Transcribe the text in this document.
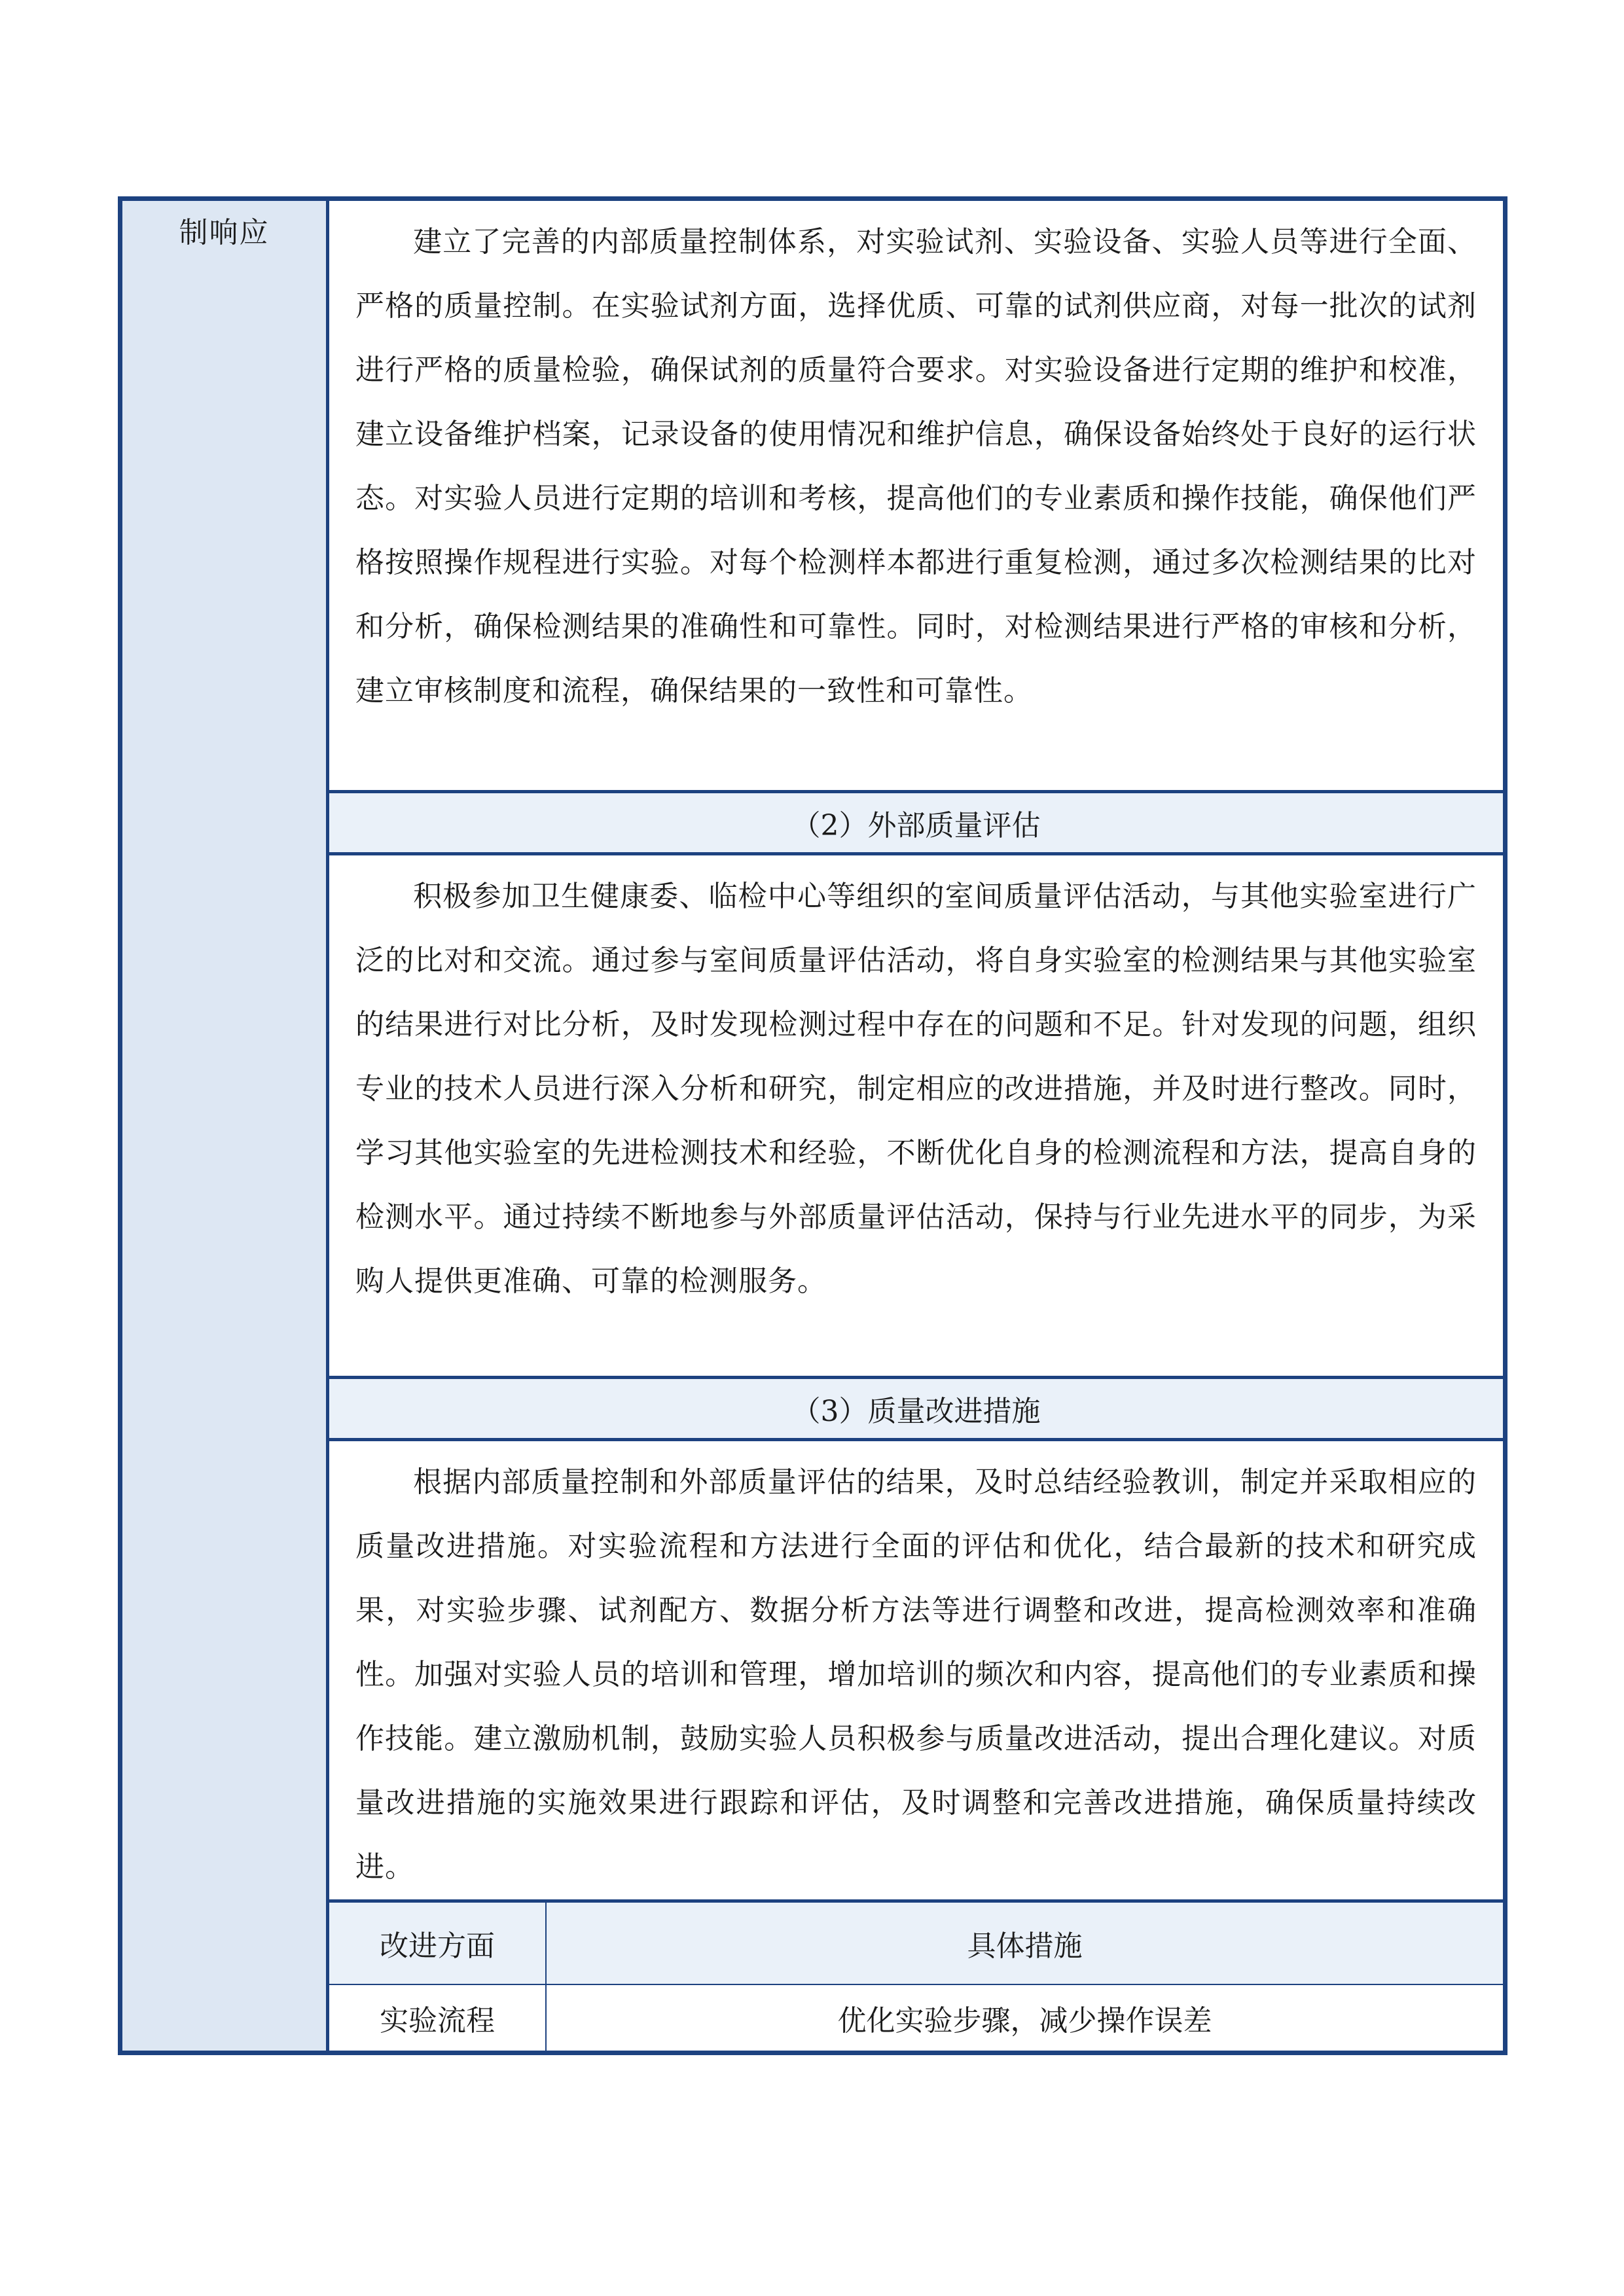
制响应	建立了完善的内部质量控制体系，对实验试剂、实验设备、实验人员等进行全面、严格的质量控制。在实验试剂方面，选择优质、可靠的试剂供应商，对每一批次的试剂进行严格的质量检验，确保试剂的质量符合要求。对实验设备进行定期的维护和校准，建立设备维护档案，记录设备的使用情况和维护信息，确保设备始终处于良好的运行状态。对实验人员进行定期的培训和考核，提高他们的专业素质和操作技能，确保他们严格按照操作规程进行实验。对每个检测样本都进行重复检测，通过多次检测结果的比对和分析，确保检测结果的准确性和可靠性。同时，对检测结果进行严格的审核和分析，建立审核制度和流程，确保结果的一致性和可靠性。
（2）外部质量评估
积极参加卫生健康委、临检中心等组织的室间质量评估活动，与其他实验室进行广泛的比对和交流。通过参与室间质量评估活动，将自身实验室的检测结果与其他实验室的结果进行对比分析，及时发现检测过程中存在的问题和不足。针对发现的问题，组织专业的技术人员进行深入分析和研究，制定相应的改进措施，并及时进行整改。同时，学习其他实验室的先进检测技术和经验，不断优化自身的检测流程和方法，提高自身的检测水平。通过持续不断地参与外部质量评估活动，保持与行业先进水平的同步，为采购人提供更准确、可靠的检测服务。
（3）质量改进措施
根据内部质量控制和外部质量评估的结果，及时总结经验教训，制定并采取相应的质量改进措施。对实验流程和方法进行全面的评估和优化，结合最新的技术和研究成果，对实验步骤、试剂配方、数据分析方法等进行调整和改进，提高检测效率和准确性。加强对实验人员的培训和管理，增加培训的频次和内容，提高他们的专业素质和操作技能。建立激励机制，鼓励实验人员积极参与质量改进活动，提出合理化建议。对质量改进措施的实施效果进行跟踪和评估，及时调整和完善改进措施，确保质量持续改进。
改进方面	具体措施
实验流程	优化实验步骤，减少操作误差
